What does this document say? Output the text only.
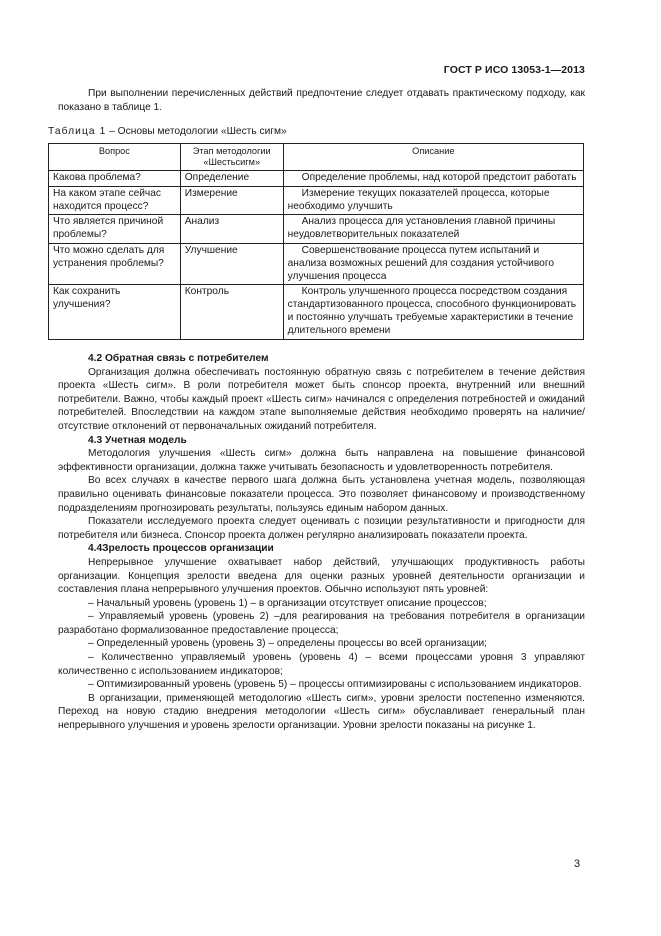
ГОСТ Р ИСО 13053-1—2013

При выполнении перечисленных действий предпочтение следует отдавать практическому подходу, как показано в таблице 1.

Таблица 1 – Основы методологии «Шесть сигм»
Вопрос	Этап методологии «Шестьсигм»	Описание
Какова проблема?	Определение	Определение проблемы, над которой предстоит работать
На каком этапе сейчас находится процесс?	Измерение	Измерение текущих показателей процесса, которые необходимо улучшить
Что является причиной проблемы?	Анализ	Анализ процесса для установления главной причины неудовлетворительных показателей
Что можно сделать для устранения проблемы?	Улучшение	Совершенствование процесса путем испытаний и анализа возможных решений для создания устойчивого улучшения процесса
Как сохранить улучшения?	Контроль	Контроль улучшенного процесса посредством создания стандартизованного процесса, способного функционировать и постоянно улучшать требуемые характеристики в течение длительного времени

4.2 Обратная связь с потребителем

Организация должна обеспечивать постоянную обратную связь с потребителем в течение действия проекта «Шесть сигм». В роли потребителя может быть спонсор проекта, внутренний или внешний потребители. Важно, чтобы каждый проект «Шесть сигм» начинался с определения потребностей и ожиданий потребителей. Впоследствии на каждом этапе выполняемые действия необходимо проверять на наличие/ отсутствие отклонений от первоначальных ожиданий потребителя.

4.3 Учетная модель

Методология улучшения «Шесть сигм» должна быть направлена на повышение финансовой эффективности организации, должна также учитывать безопасность и удовлетворенность потребителя.

Во всех случаях в качестве первого шага должна быть установлена учетная модель, позволяющая правильно оценивать финансовые показатели процесса. Это позволяет финансовому и производственному подразделениям прогнозировать результаты, пользуясь единым набором данных.

Показатели исследуемого проекта следует оценивать с позиции результативности и пригодности для потребителя или бизнеса. Спонсор проекта должен регулярно анализировать показатели проекта.

4.4Зрелость процессов организации

Непрерывное улучшение охватывает набор действий, улучшающих продуктивность работы организации. Концепция зрелости введена для оценки разных уровней деятельности организации и составления плана непрерывного улучшения проектов. Обычно используют пять уровней:

– Начальный уровень (уровень 1) – в организации отсутствует описание процессов;

– Управляемый уровень (уровень 2) –для реагирования на требования потребителя в организации разработано формализованное предоставление процесса;

– Определенный уровень (уровень 3) – определены процессы во всей организации;

– Количественно управляемый уровень (уровень 4) – всеми процессами уровня 3 управляют количественно с использованием индикаторов;

– Оптимизированный уровень (уровень 5) – процессы оптимизированы с использованием индикаторов.

В организации, применяющей методологию «Шесть сигм», уровни зрелости постепенно изменяются. Переход на новую стадию внедрения методологии «Шесть сигм» обуславливает генеральный план непрерывного улучшения и уровень зрелости организации. Уровни зрелости показаны на рисунке 1.

3
